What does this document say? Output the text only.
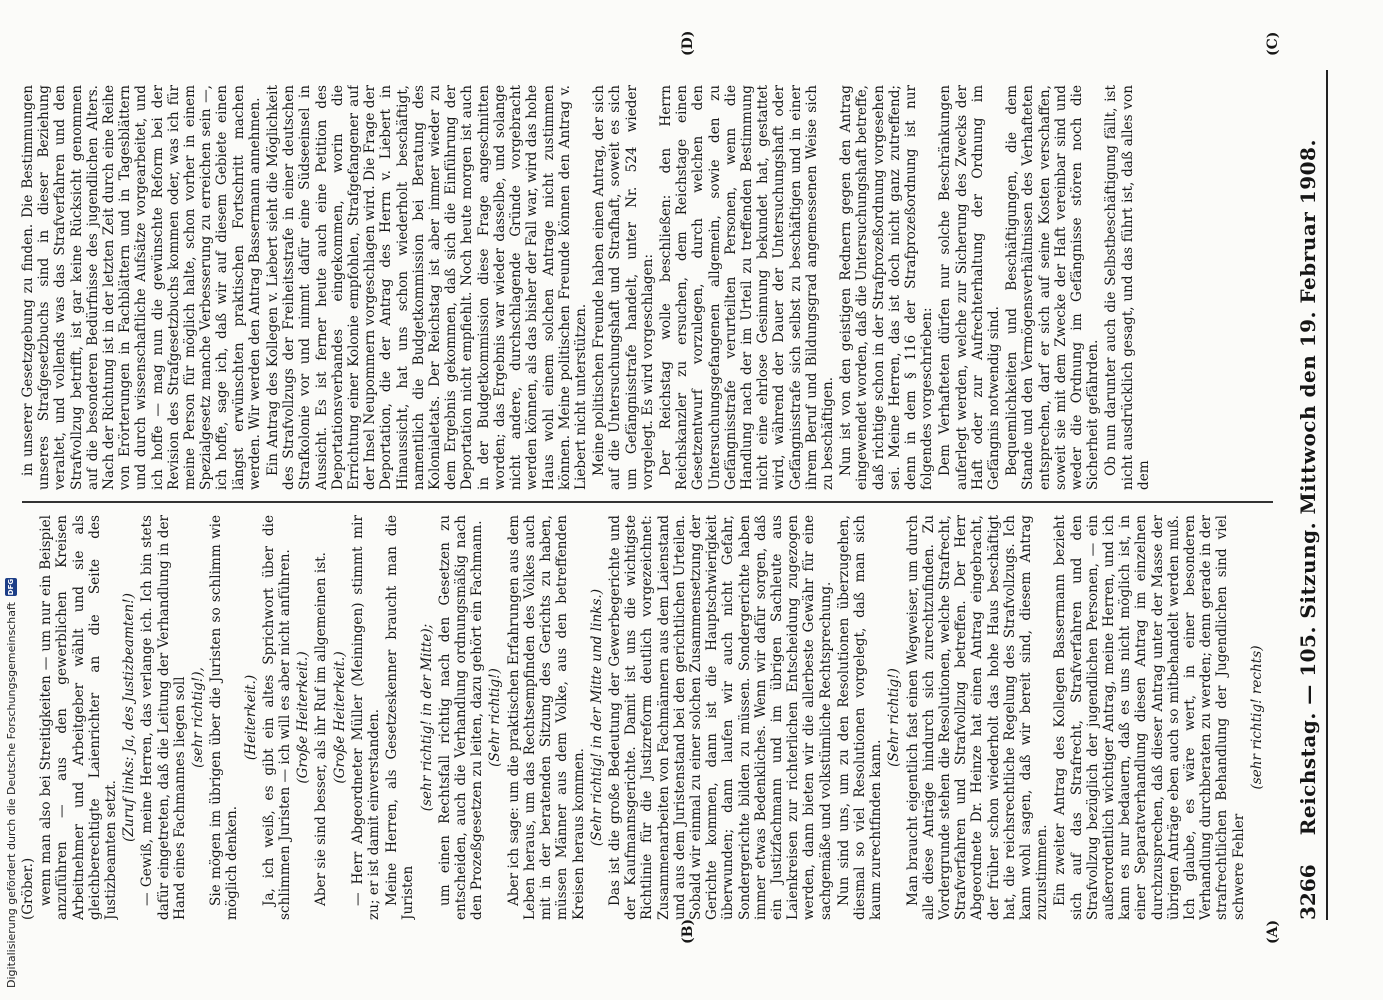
3266
Reichstag. — 105. Sitzung. Mittwoch den 19. Februar 1908.
(A)
(B)
(C)
(D)

(Gröber.) wenn man also bei Streitigkeiten — um nur ein Beispiel anzuführen — aus den gewerblichen Kreisen Arbeitnehmer und Arbeitgeber wählt und sie als gleichberechtigte Laienrichter an die Seite des Justizbeamten setzt.

(Zuruf links: Ja, des Justizbeamten!) — Gewiß, meine Herren, das verlange ich. Ich bin stets dafür eingetreten, daß die Leitung der Verhandlung in der Hand eines Fachmannes liegen soll (sehr richtig!), Sie mögen im übrigen über die Juristen so schlimm wie möglich denken.

(Heiterkeit.) Ja, ich weiß, es gibt ein altes Sprichwort über die schlimmen Juristen — ich will es aber nicht anführen. (Große Heiterkeit.) Aber sie sind besser, als ihr Ruf im allgemeinen ist. (Große Heiterkeit.) — Herr Abgeordneter Müller (Meiningen) stimmt mir zu; er ist damit einverstanden. Meine Herren, als Gesetzeskenner braucht man die Juristen

(sehr richtig! in der Mitte); um einen Rechtsfall richtig nach den Gesetzen zu entscheiden, auch die Verhandlung ordnungsmäßig nach den Prozeßgesetzen zu leiten, dazu gehört ein Fachmann. (Sehr richtig!) Aber ich sage: um die praktischen Erfahrungen aus dem Leben heraus, um das Rechtsempfinden des Volkes auch mit in der beratenden Sitzung des Gerichts zu haben, müssen Männer aus dem Volke, aus den betreffenden Kreisen heraus kommen. (Sehr richtig! in der Mitte und links.) Das ist die große Bedeutung der Gewerbegerichte und der Kaufmannsgerichte. Damit ist uns die wichtigste Richtlinie für die Justizreform deutlich vorgezeichnet: Zusammenarbeiten von Fachmännern aus dem Laienstand und aus dem Juristenstand bei den gerichtlichen Urteilen. Sobald wir einmal zu einer solchen Zusammensetzung der Gerichte kommen, dann ist die Hauptschwierigkeit überwunden; dann laufen wir auch nicht Gefahr, Sondergerichte bilden zu müssen. Sondergerichte haben immer etwas Bedenkliches. Wenn wir dafür sorgen, daß ein Justizfachmann und im übrigen Sachleute aus Laienkreisen zur richterlichen Entscheidung zugezogen werden, dann bieten wir die allerbeste Gewähr für eine sachgemäße und volkstümliche Rechtsprechung. Nun sind uns, um zu den Resolutionen überzugehen, diesmal so viel Resolutionen vorgelegt, daß man sich kaum zurechtfinden kann.

(Sehr richtig!) Man braucht eigentlich fast einen Wegweiser, um durch alle diese Anträge hindurch sich zurechtzufinden. Zu Vordergrunde stehen die Resolutionen, welche Strafrecht, Strafverfahren und Strafvollzug betreffen. Der Herr Abgeordnete Dr. Heinze hat einen Antrag eingebracht, der früher schon wiederholt das hohe Haus beschäftigt hat, die reichsrechtliche Regelung des Strafvollzugs. Ich kann wohl sagen, daß wir bereit sind, diesem Antrag zuzustimmen. Ein zweiter Antrag des Kollegen Bassermann bezieht sich auf das Strafrecht, Strafverfahren und den Strafvollzug bezüglich der jugendlichen Personen, — ein außerordentlich wichtiger Antrag, meine Herren, und ich kann es nur bedauern, daß es uns nicht möglich ist, in einer Separatverhandlung diesen Antrag im einzelnen durchzusprechen, daß dieser Antrag unter der Masse der übrigen Anträge eben auch so mitbehandelt werden muß. Ich glaube, es wäre wert, in einer besonderen Verhandlung durchberaten zu werden; denn gerade in der strafrechtlichen Behandlung der Jugendlichen sind viel schwere Fehler

(sehr richtig! rechts)

in unserer Gesetzgebung zu finden. Die Bestimmungen unseres Strafgesetzbuchs sind in dieser Beziehung veraltet, und vollends was das Strafverfahren und den Strafvollzug betrifft, ist gar keine Rücksicht genommen auf die besonderen Bedürfnisse des jugendlichen Alters. Nach der Richtung ist in der letzten Zeit durch eine Reihe von Erörterungen in Fachblättern und in Tagesblättern und durch wissenschaftliche Aufsätze vorgearbeitet, und ich hoffe — mag nun die gewünschte Reform bei der Revision des Strafgesetzbuchs kommen oder, was ich für meine Person für möglich halte, schon vorher in einem Spezialgesetz manche Verbesserung zu erreichen sein —, ich hoffe, sage ich, daß wir auf diesem Gebiete einen längst erwünschten praktischen Fortschritt machen werden. Wir werden den Antrag Bassermann annehmen. Ein Antrag des Kollegen v. Liebert sieht die Möglichkeit des Strafvollzugs der Freiheitsstrafe in einer deutschen Strafkolonie vor und nimmt dafür eine Südseeinsel in Aussicht. Es ist ferner heute auch eine Petition des Deportationsverbandes eingekommen, worin die Errichtung einer Kolonie empfohlen, Strafgefangener auf der Insel Neupommern vorgeschlagen wird. Die Frage der Deportation, die der Antrag des Herrn v. Liebert in Hinaussicht, hat uns schon wiederholt beschäftigt, namentlich die Budgetkommission bei Beratung des Kolonialetats. Der Reichstag ist aber immer wieder zu dem Ergebnis gekommen, daß sich die Einführung der Deportation nicht empfiehlt. Noch heute morgen ist auch in der Budgetkommission diese Frage angeschnitten worden; das Ergebnis war wieder dasselbe, und solange nicht andere, durchschlagende Gründe vorgebracht werden können, als das bisher der Fall war, wird das hohe Haus wohl einem solchen Antrage nicht zustimmen können. Meine politischen Freunde können den Antrag v. Liebert nicht unterstützen. Meine politischen Freunde haben einen Antrag, der sich auf die Untersuchungshaft und Strafhaft, soweit es sich um Gefängnisstrafe handelt, unter Nr. 524 wieder vorgelegt. Es wird vorgeschlagen: Der Reichstag wolle beschließen: den Herrn Reichskanzler zu ersuchen, dem Reichstage einen Gesetzentwurf vorzulegen, durch welchen den Untersuchungsgefangenen allgemein, sowie den zu Gefängnisstrafe verurteilten Personen, wenn die Handlung nach der im Urteil zu treffenden Bestimmung nicht eine ehrlose Gesinnung bekundet hat, gestattet wird, während der Dauer der Untersuchungshaft oder Gefängnisstrafe sich selbst zu beschäftigen und in einer ihrem Beruf und Bildungsgrad angemessenen Weise sich zu beschäftigen. Nun ist von den geistigen Rednern gegen den Antrag eingewendet worden, daß die Untersuchungshaft betreffe, daß richtige schon in der Strafprozeßordnung vorgesehen sei. Meine Herren, das ist doch nicht ganz zutreffend; denn in dem § 116 der Strafprozeßordnung ist nur folgendes vorgeschrieben: Dem Verhafteten dürfen nur solche Beschränkungen auferlegt werden, welche zur Sicherung des Zwecks der Haft oder zur Aufrechterhaltung der Ordnung im Gefängnis notwendig sind. Bequemlichkeiten und Beschäftigungen, die dem Stande und den Vermögensverhältnissen des Verhafteten entsprechen, darf er sich auf seine Kosten verschaffen, soweit sie mit dem Zwecke der Haft vereinbar sind und weder die Ordnung im Gefängnisse stören noch die Sicherheit gefährden. Ob nun darunter auch die Selbstbeschäftigung fällt, ist nicht ausdrücklich gesagt, und das führt ist, daß alles von dem

Digitalisierung gefördert durch die Deutsche Forschungsgemeinschaft
DFG
